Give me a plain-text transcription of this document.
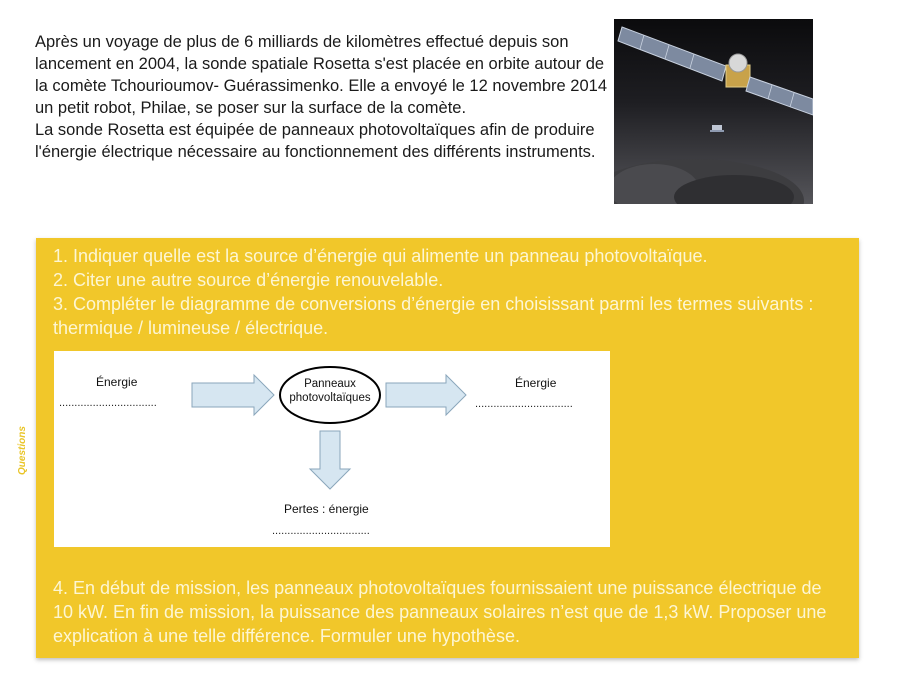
Après un voyage de plus de 6 milliards de kilomètres effectué depuis son lancement en 2004, la sonde spatiale Rosetta s'est placée en orbite autour de la comète Tchourioumov- Guérassimenko. Elle a envoyé le 12 novembre 2014 un petit robot, Philae, se poser sur la surface de la comète.

La sonde Rosetta est équipée de panneaux photovoltaïques afin de produire l'énergie électrique nécessaire au fonctionnement des différents instruments.

Questions

1. Indiquer quelle est la source d’énergie qui alimente un panneau photovoltaïque.

2. Citer une autre source d’énergie renouvelable.

3. Compléter le diagramme de conversions d’énergie en choisissant parmi les termes suivants : thermique / lumineuse / électrique.

Énergie
................................
Panneaux
photovoltaïques
Énergie
................................
Pertes : énergie
................................

4. En début de mission, les panneaux photovoltaïques fournissaient une puissance électrique de 10 kW. En fin de mission, la puissance des panneaux solaires n’est que de 1,3 kW. Proposer une explication à une telle différence. Formuler une hypothèse.
